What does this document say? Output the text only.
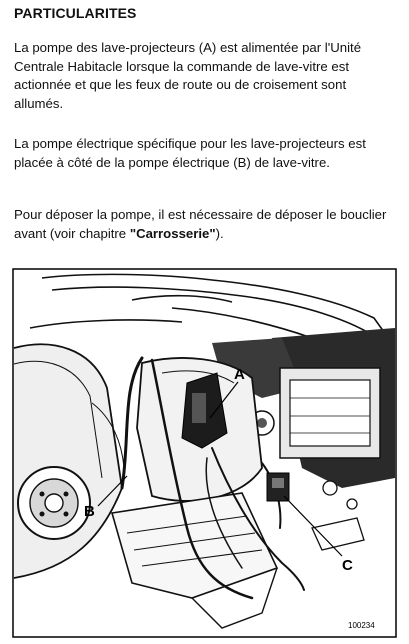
PARTICULARITES

La pompe des lave-projecteurs (A) est alimentée par l'Unité Centrale Habitacle lorsque la commande de lave-vitre est actionnée et que les feux de route ou de croisement sont allumés.

La pompe électrique spécifique pour les lave-projecteurs est placée à côté de la pompe électrique (B) de lave-vitre.

Pour déposer la pompe, il est nécessaire de déposer le bouclier avant (voir chapitre "Carrosserie").

A
B
C
100234
